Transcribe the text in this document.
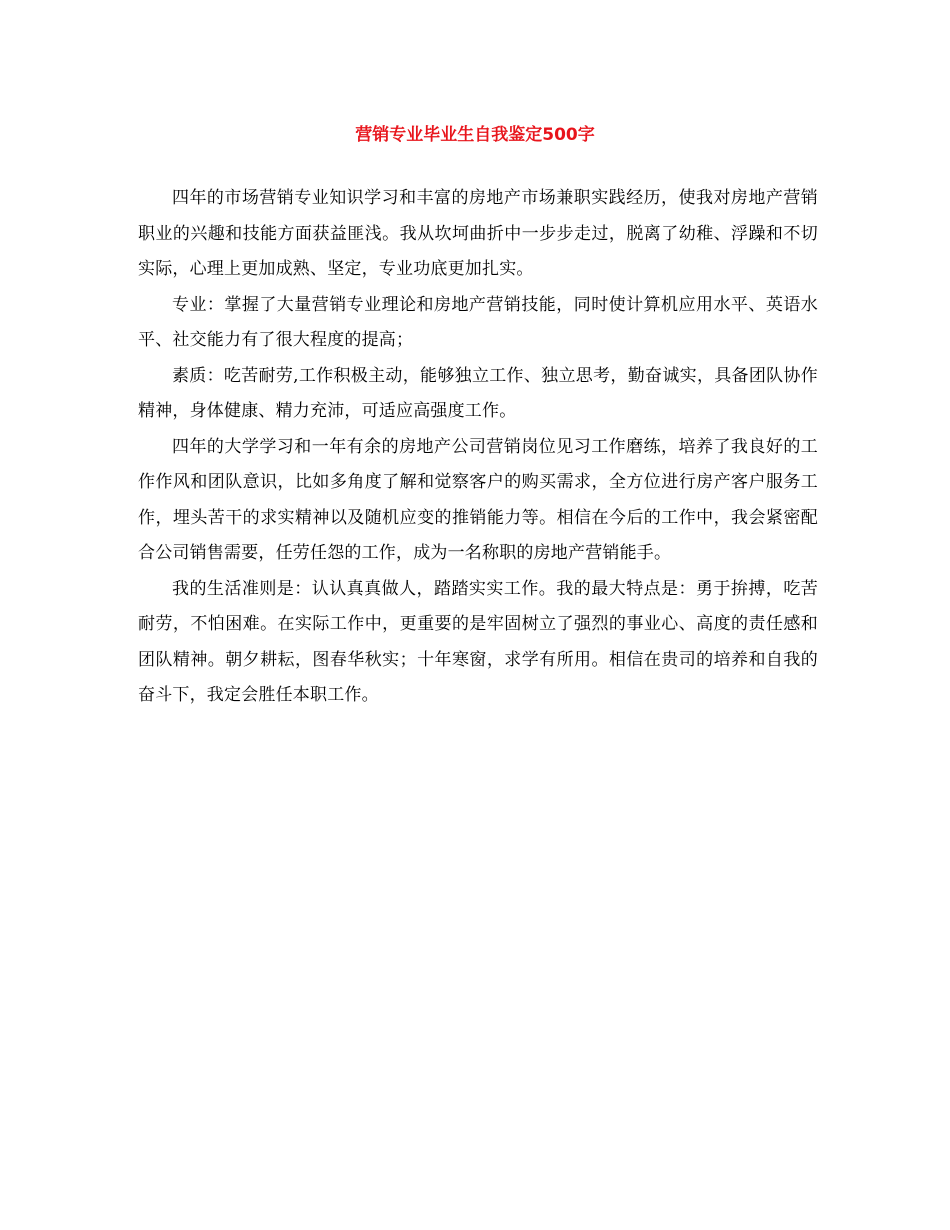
营销专业毕业生自我鉴定500字

四年的市场营销专业知识学习和丰富的房地产市场兼职实践经历，使我对房地产营销职业的兴趣和技能方面获益匪浅。我从坎坷曲折中一步步走过，脱离了幼稚、浮躁和不切实际，心理上更加成熟、坚定，专业功底更加扎实。

专业：掌握了大量营销专业理论和房地产营销技能，同时使计算机应用水平、英语水平、社交能力有了很大程度的提高；

素质：吃苦耐劳,工作积极主动，能够独立工作、独立思考，勤奋诚实，具备团队协作精神，身体健康、精力充沛，可适应高强度工作。

四年的大学学习和一年有余的房地产公司营销岗位见习工作磨练，培养了我良好的工作作风和团队意识，比如多角度了解和觉察客户的购买需求，全方位进行房产客户服务工作，埋头苦干的求实精神以及随机应变的推销能力等。相信在今后的工作中，我会紧密配合公司销售需要，任劳任怨的工作，成为一名称职的房地产营销能手。

我的生活准则是：认认真真做人，踏踏实实工作。我的最大特点是：勇于拚搏，吃苦耐劳，不怕困难。在实际工作中，更重要的是牢固树立了强烈的事业心、高度的责任感和团队精神。朝夕耕耘，图春华秋实；十年寒窗，求学有所用。相信在贵司的培养和自我的奋斗下，我定会胜任本职工作。
